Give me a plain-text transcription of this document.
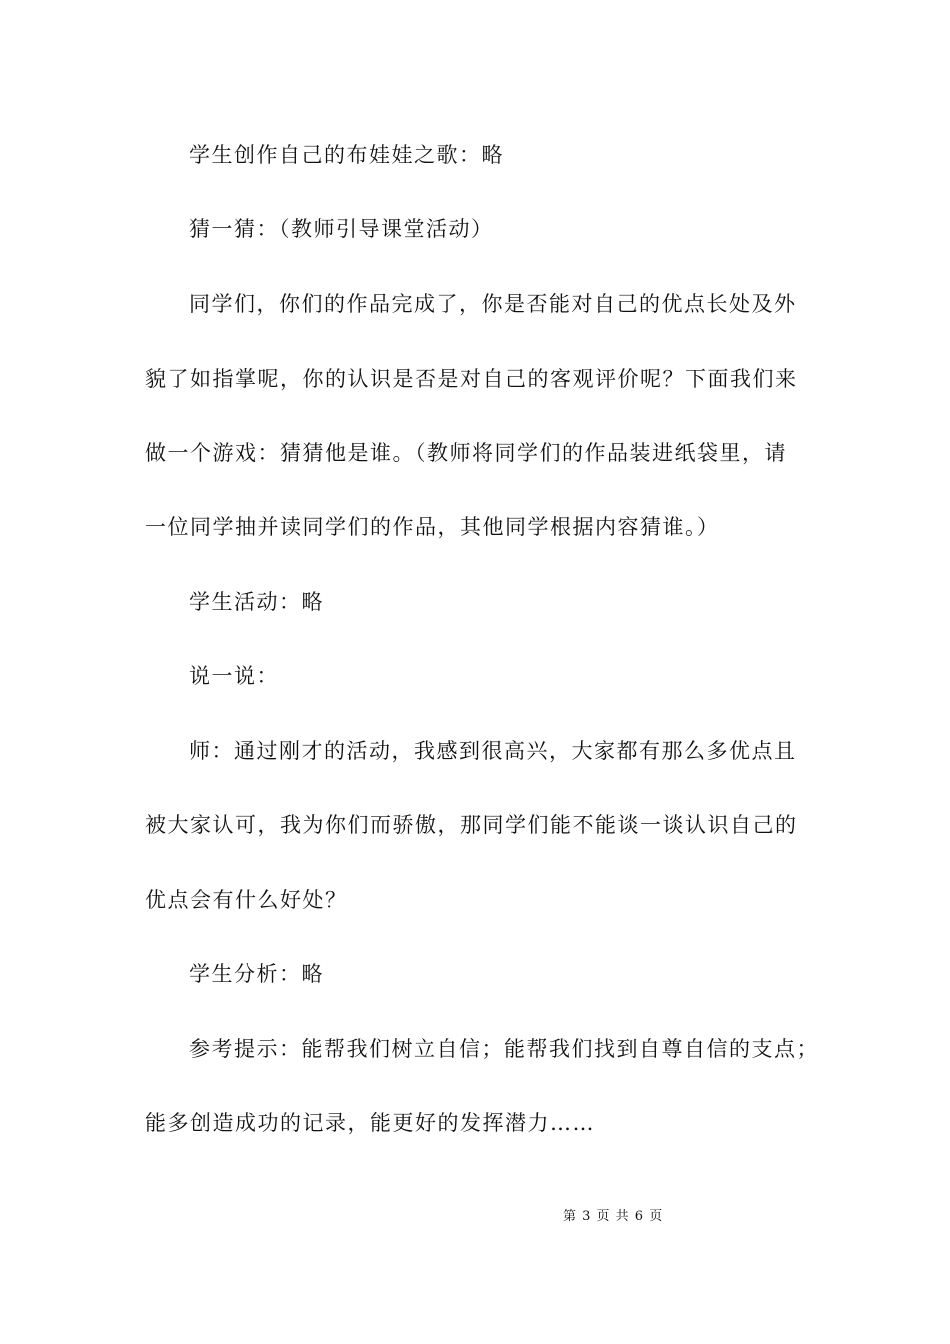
学生创作自己的布娃娃之歌：略
猜一猜：（教师引导课堂活动）
同学们，你们的作品完成了，你是否能对自己的优点长处及外
貌了如指掌呢，你的认识是否是对自己的客观评价呢？下面我们来
做一个游戏：猜猜他是谁。（教师将同学们的作品装进纸袋里，请
一位同学抽并读同学们的作品，其他同学根据内容猜谁。）
学生活动：略
说一说：
师：通过刚才的活动，我感到很高兴，大家都有那么多优点且
被大家认可，我为你们而骄傲，那同学们能不能谈一谈认识自己的
优点会有什么好处？
学生分析：略
参考提示：能帮我们树立自信；能帮我们找到自尊自信的支点；
能多创造成功的记录，能更好的发挥潜力……
第 3 页 共 6 页
